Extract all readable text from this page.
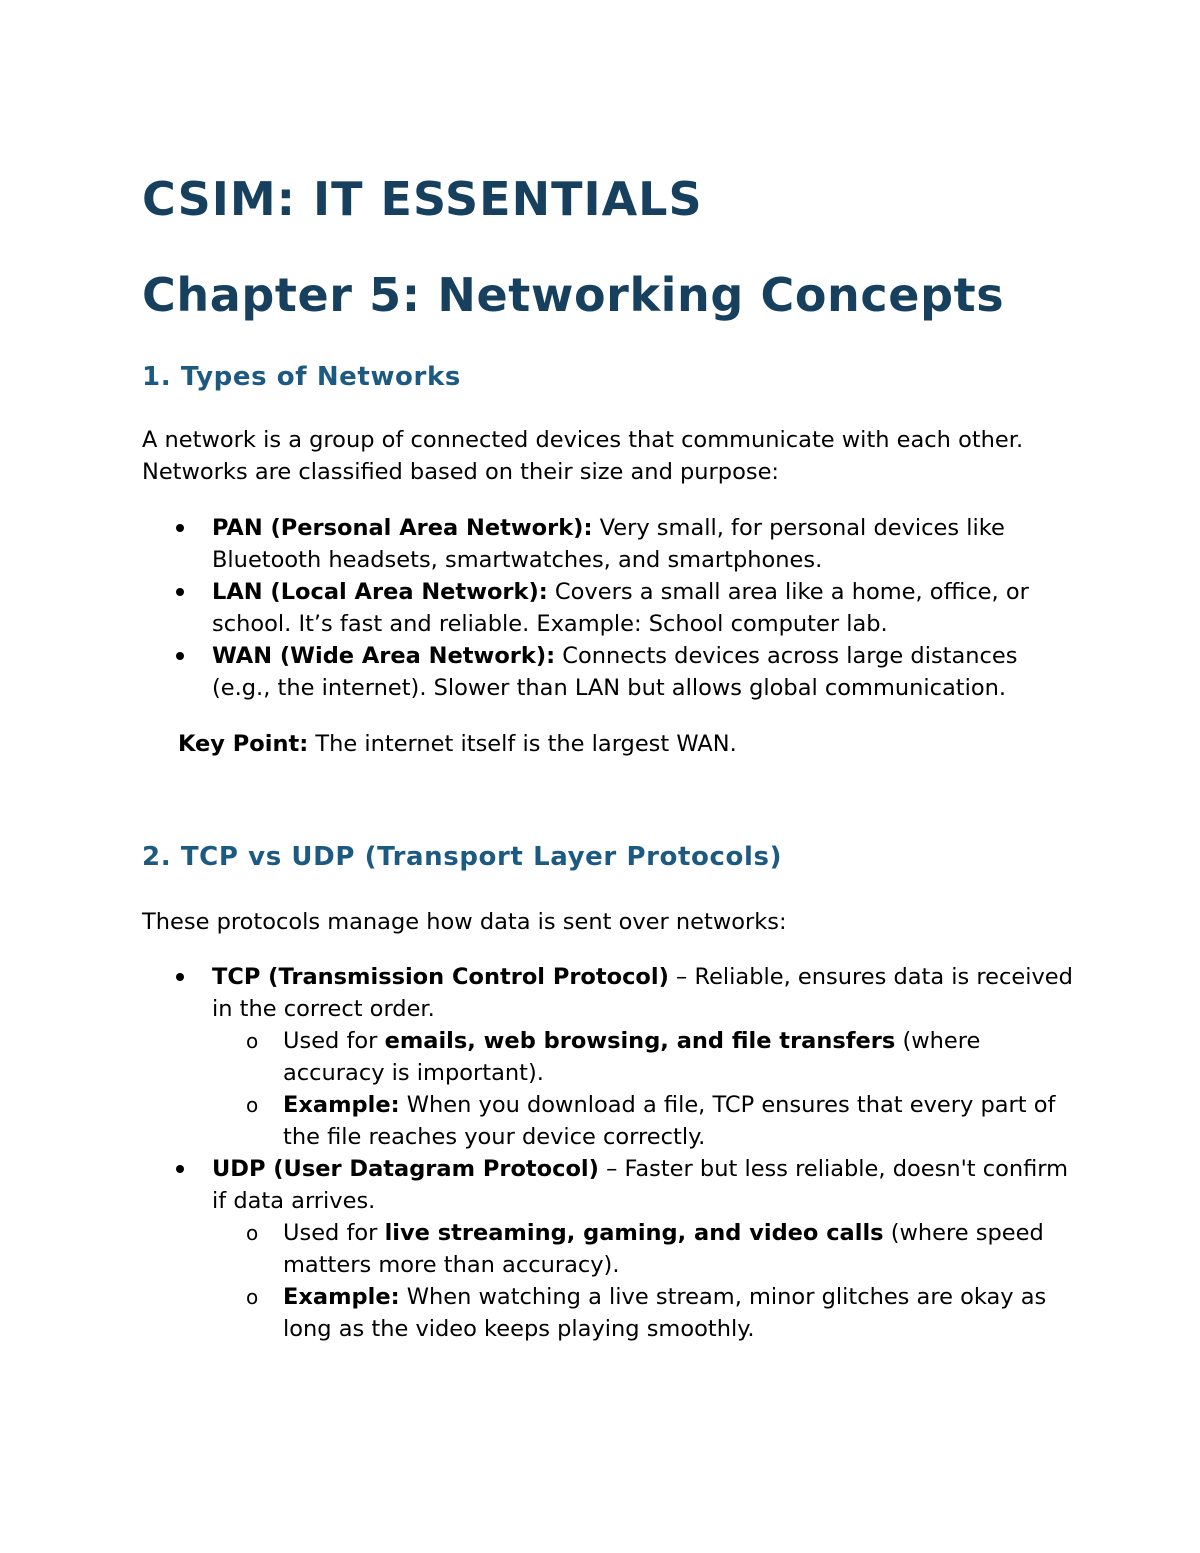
CSIM: IT ESSENTIALS
Chapter 5: Networking Concepts
1. Types of Networks

A network is a group of connected devices that communicate with each other. Networks are classified based on their size and purpose:

PAN (Personal Area Network): Very small, for personal devices like Bluetooth headsets, smartwatches, and smartphones.
LAN (Local Area Network): Covers a small area like a home, office, or school. It’s fast and reliable. Example: School computer lab.
WAN (Wide Area Network): Connects devices across large distances (e.g., the internet). Slower than LAN but allows global communication.

Key Point: The internet itself is the largest WAN.

2. TCP vs UDP (Transport Layer Protocols)

These protocols manage how data is sent over networks:

TCP (Transmission Control Protocol) – Reliable, ensures data is received in the correct order.
o Used for emails, web browsing, and file transfers (where accuracy is important).
o Example: When you download a file, TCP ensures that every part of the file reaches your device correctly.
UDP (User Datagram Protocol) – Faster but less reliable, doesn't confirm if data arrives.
o Used for live streaming, gaming, and video calls (where speed matters more than accuracy).
o Example: When watching a live stream, minor glitches are okay as long as the video keeps playing smoothly.
